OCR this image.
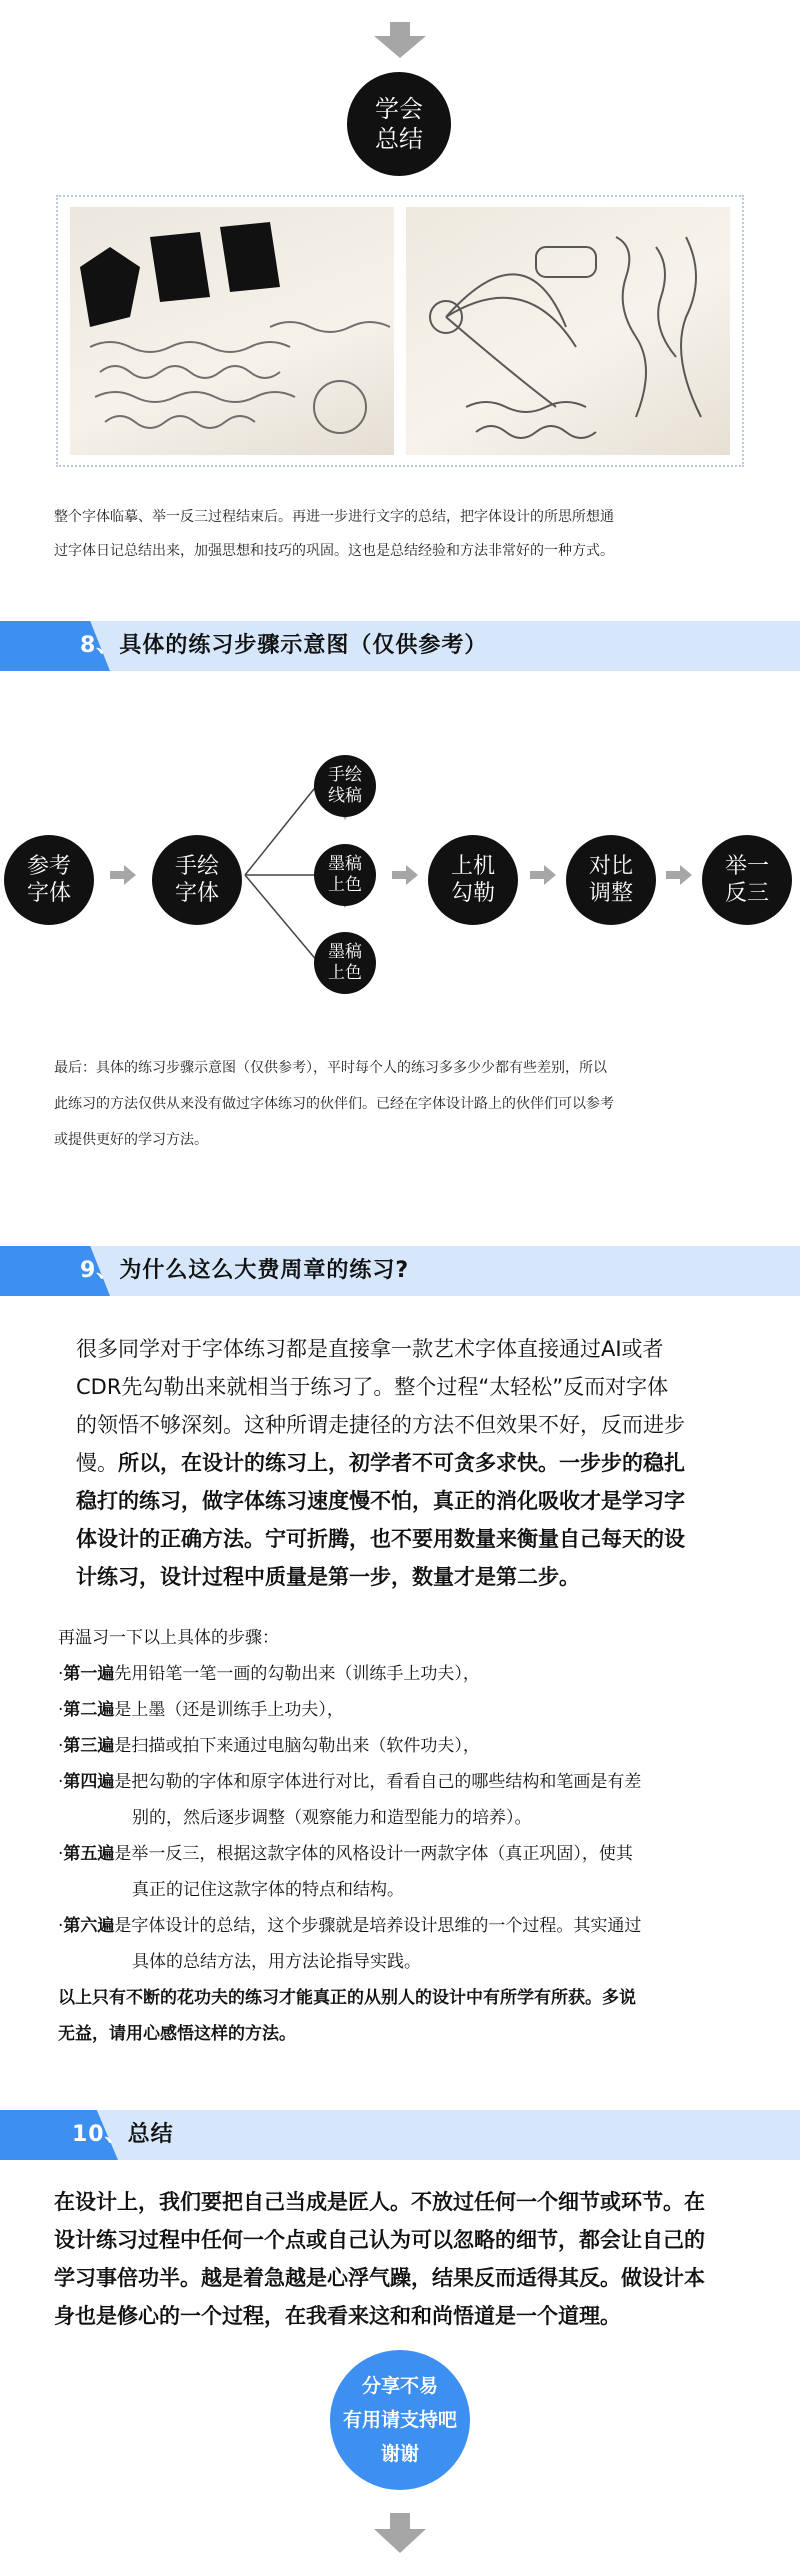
学会
总结
整个字体临摹、举一反三过程结束后。再进一步进行文字的总结，把字体设计的所思所想通
过字体日记总结出来，加强思想和技巧的巩固。这也是总结经验和方法非常好的一种方式。
8、具体的练习步骤示意图（仅供参考）
参考
字体
手绘
字体
手绘
线稿
墨稿
上色
墨稿
上色
上机
勾勒
对比
调整
举一
反三
最后：具体的练习步骤示意图（仅供参考），平时每个人的练习多多少少都有些差别，所以
此练习的方法仅供从来没有做过字体练习的伙伴们。已经在字体设计路上的伙伴们可以参考
或提供更好的学习方法。
9、为什么这么大费周章的练习?
很多同学对于字体练习都是直接拿一款艺术字体直接通过AI或者
CDR先勾勒出来就相当于练习了。整个过程“太轻松”反而对字体
的领悟不够深刻。这种所谓走捷径的方法不但效果不好，反而进步
慢。所以，在设计的练习上，初学者不可贪多求快。一步步的稳扎
稳打的练习，做字体练习速度慢不怕，真正的消化吸收才是学习字
体设计的正确方法。宁可折腾，也不要用数量来衡量自己每天的设
计练习，设计过程中质量是第一步，数量才是第二步。
再温习一下以上具体的步骤：
·第一遍先用铅笔一笔一画的勾勒出来（训练手上功夫），
·第二遍是上墨（还是训练手上功夫），
·第三遍是扫描或拍下来通过电脑勾勒出来（软件功夫），
·第四遍是把勾勒的字体和原字体进行对比，看看自己的哪些结构和笔画是有差
别的，然后逐步调整（观察能力和造型能力的培养）。
·第五遍是举一反三，根据这款字体的风格设计一两款字体（真正巩固），使其
真正的记住这款字体的特点和结构。
·第六遍是字体设计的总结，这个步骤就是培养设计思维的一个过程。其实通过
具体的总结方法，用方法论指导实践。
以上只有不断的花功夫的练习才能真正的从别人的设计中有所学有所获。多说
无益，请用心感悟这样的方法。
10、总结
在设计上，我们要把自己当成是匠人。不放过任何一个细节或环节。在
设计练习过程中任何一个点或自己认为可以忽略的细节，都会让自己的
学习事倍功半。越是着急越是心浮气躁，结果反而适得其反。做设计本
身也是修心的一个过程，在我看来这和和尚悟道是一个道理。
分享不易
有用请支持吧
谢谢
